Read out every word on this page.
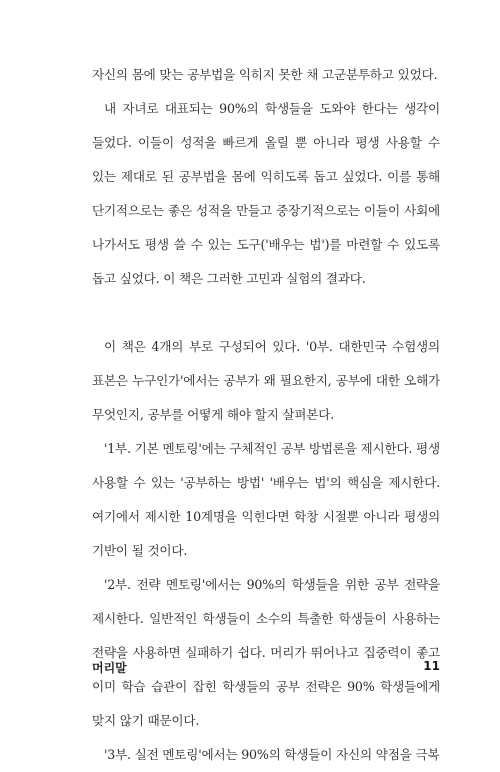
자신의 몸에 맞는 공부법을 익히지 못한 채 고군분투하고 있었다.

내 자녀로 대표되는 90%의 학생들을 도와야 한다는 생각이 들었다. 이들이 성적을 빠르게 올릴 뿐 아니라 평생 사용할 수 있는 제대로 된 공부법을 몸에 익히도록 돕고 싶었다. 이를 통해 단기적으로는 좋은 성적을 만들고 중장기적으로는 이들이 사회에 나가서도 평생 쓸 수 있는 도구('배우는 법')를 마련할 수 있도록 돕고 싶었다. 이 책은 그러한 고민과 실험의 결과다.

이 책은 4개의 부로 구성되어 있다. '0부. 대한민국 수험생의 표본은 누구인가'에서는 공부가 왜 필요한지, 공부에 대한 오해가 무엇인지, 공부를 어떻게 해야 할지 살펴본다.

'1부. 기본 멘토링'에는 구체적인 공부 방법론을 제시한다. 평생 사용할 수 있는 '공부하는 방법' '배우는 법'의 핵심을 제시한다. 여기에서 제시한 10계명을 익힌다면 학창 시절뿐 아니라 평생의 기반이 될 것이다.

'2부. 전략 멘토링'에서는 90%의 학생들을 위한 공부 전략을 제시한다. 일반적인 학생들이 소수의 특출한 학생들이 사용하는 전략을 사용하면 실패하기 쉽다. 머리가 뛰어나고 집중력이 좋고 이미 학습 습관이 잡힌 학생들의 공부 전략은 90% 학생들에게 맞지 않기 때문이다.

'3부. 실전 멘토링'에서는 90%의 학생들이 자신의 약점을 극복

머리말	11
